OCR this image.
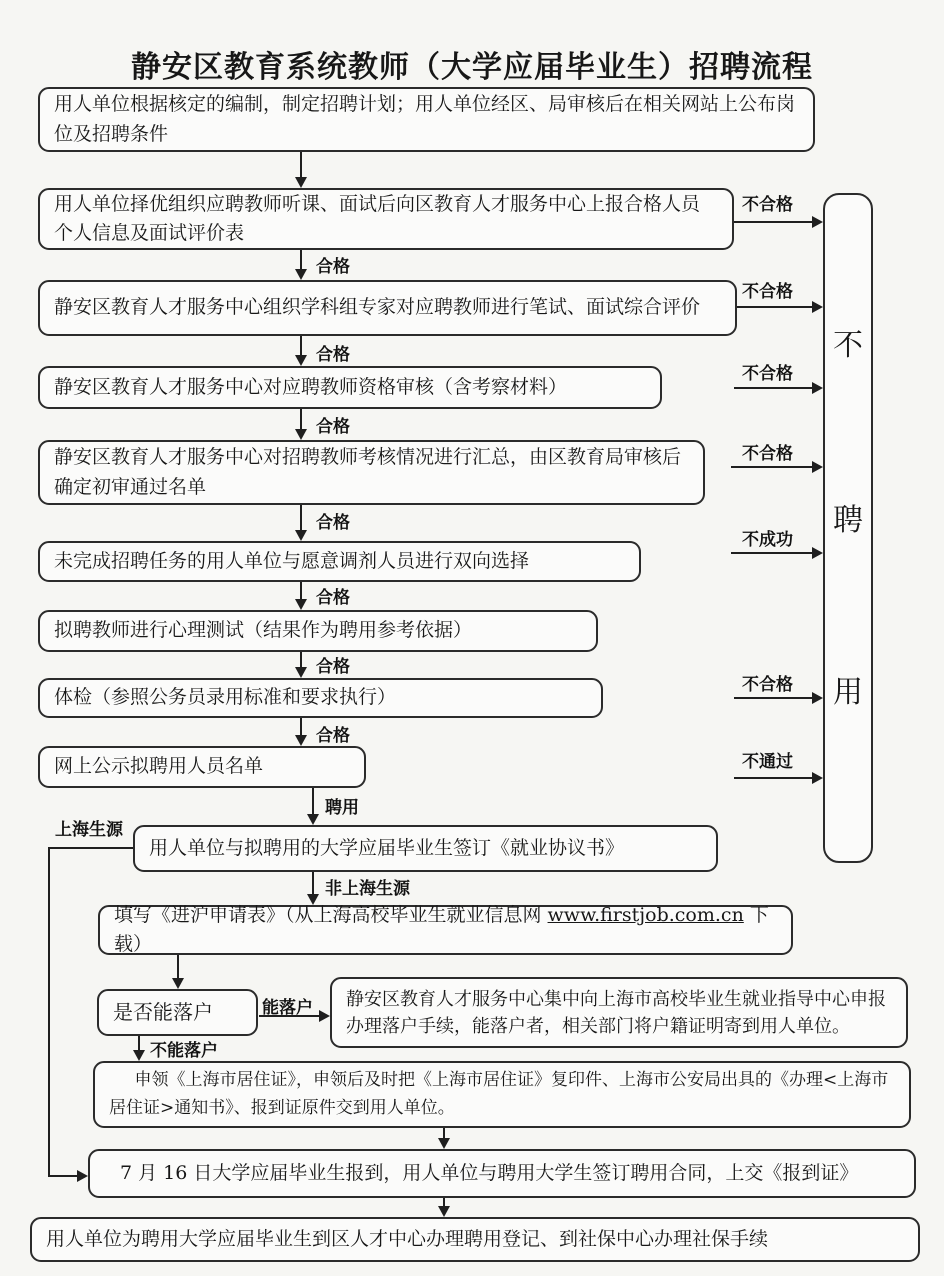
静安区教育系统教师（大学应届毕业生）招聘流程
用人单位根据核定的编制，制定招聘计划；用人单位经区、局审核后在相关网站上公布岗位及招聘条件
用人单位择优组织应聘教师听课、面试后向区教育人才服务中心上报合格人员个人信息及面试评价表
静安区教育人才服务中心组织学科组专家对应聘教师进行笔试、面试综合评价
静安区教育人才服务中心对应聘教师资格审核（含考察材料）
静安区教育人才服务中心对招聘教师考核情况进行汇总，由区教育局审核后确定初审通过名单
未完成招聘任务的用人单位与愿意调剂人员进行双向选择
拟聘教师进行心理测试（结果作为聘用参考依据）
体检（参照公务员录用标准和要求执行）
网上公示拟聘用人员名单
用人单位与拟聘用的大学应届毕业生签订《就业协议书》
填写《进沪申请表》（从上海高校毕业生就业信息网 www.firstjob.com.cn 下载）
是否能落户
静安区教育人才服务中心集中向上海市高校毕业生就业指导中心申报办理落户手续，能落户者，相关部门将户籍证明寄到用人单位。
申领《上海市居住证》，申领后及时把《上海市居住证》复印件、上海市公安局出具的《办理<上海市居住证>通知书》、报到证原件交到用人单位。
7 月 16 日大学应届毕业生报到，用人单位与聘用大学生签订聘用合同，上交《报到证》
用人单位为聘用大学应届毕业生到区人才中心办理聘用登记、到社保中心办理社保手续
不
聘
用
合格
合格
合格
合格
合格
合格
合格
聘用
非上海生源
不合格
不合格
不合格
不合格
不成功
不合格
不通过
上海生源
能落户
不能落户
